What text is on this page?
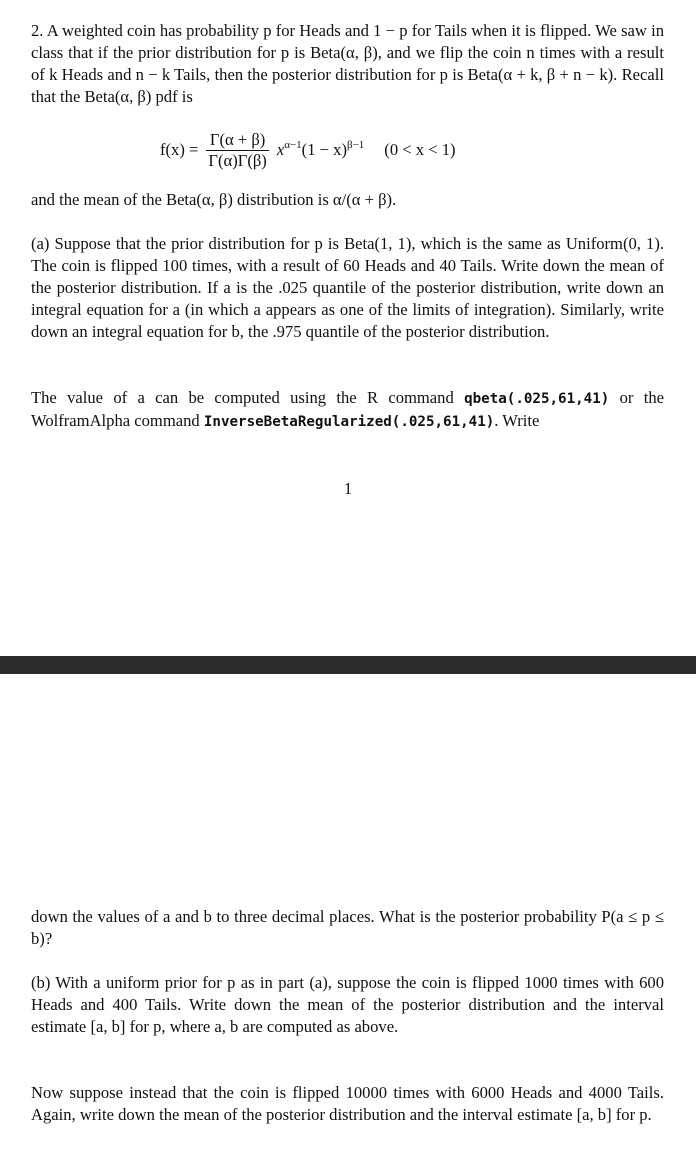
2. A weighted coin has probability p for Heads and 1 − p for Tails when it is flipped. We saw in class that if the prior distribution for p is Beta(α, β), and we flip the coin n times with a result of k Heads and n − k Tails, then the posterior distribution for p is Beta(α + k, β + n − k). Recall that the Beta(α, β) pdf is

$f(x) = \frac{\Gamma(\alpha + \beta)}{\Gamma(\alpha)\Gamma(\beta)} x^{\alpha-1}(1 - x)^{\beta-1}$ (0 < x < 1)

and the mean of the Beta(α, β) distribution is α/(α + β).

(a) Suppose that the prior distribution for p is Beta(1, 1), which is the same as Uniform(0, 1). The coin is flipped 100 times, with a result of 60 Heads and 40 Tails. Write down the mean of the posterior distribution. If a is the .025 quantile of the posterior distribution, write down an integral equation for a (in which a appears as one of the limits of integration). Similarly, write down an integral equation for b, the .975 quantile of the posterior distribution.

The value of a can be computed using the R command qbeta(.025,61,41) or the WolframAlpha command InverseBetaRegularized(.025,61,41). Write

1

down the values of a and b to three decimal places. What is the posterior probability P(a ≤ p ≤ b)?

(b) With a uniform prior for p as in part (a), suppose the coin is flipped 1000 times with 600 Heads and 400 Tails. Write down the mean of the posterior distribution and the interval estimate [a, b] for p, where a, b are computed as above.

Now suppose instead that the coin is flipped 10000 times with 6000 Heads and 4000 Tails. Again, write down the mean of the posterior distribution and the interval estimate [a, b] for p.
